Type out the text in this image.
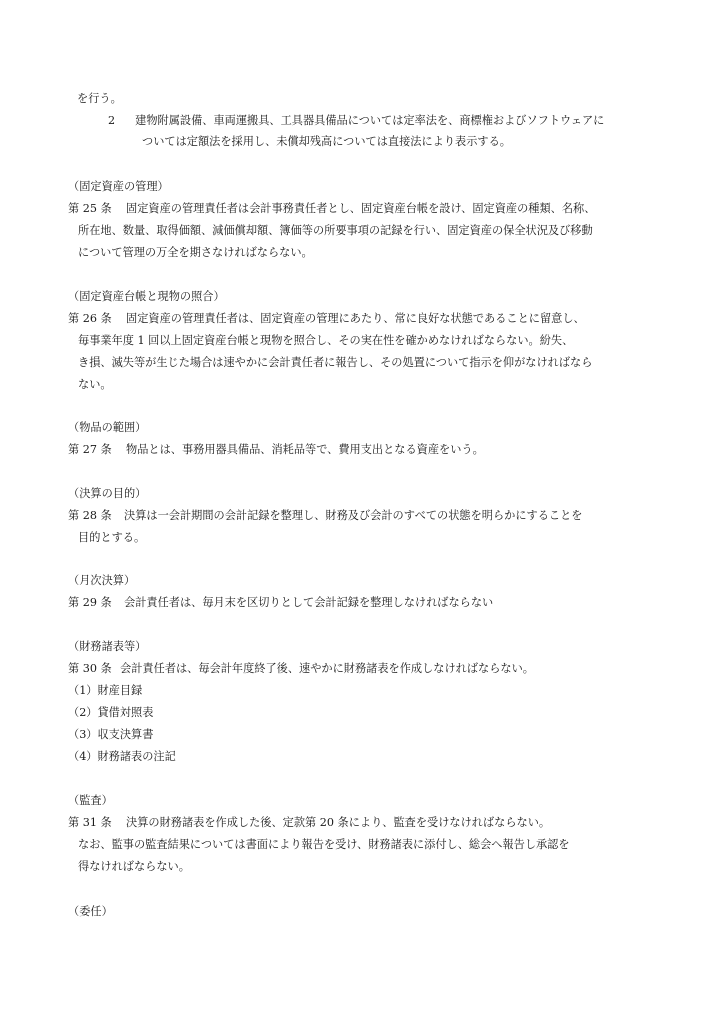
を行う。
2 建物附属設備、車両運搬具、工具器具備品については定率法を、商標権およびソフトウェアに
ついては定額法を採用し、未償却残高については直接法により表示する。
（固定資産の管理）
第 25 条 固定資産の管理責任者は会計事務責任者とし、固定資産台帳を設け、固定資産の種類、名称、
所在地、数量、取得価額、減価償却額、簿価等の所要事項の記録を行い、固定資産の保全状況及び移動
について管理の万全を期さなければならない。
（固定資産台帳と現物の照合）
第 26 条 固定資産の管理責任者は、固定資産の管理にあたり、常に良好な状態であることに留意し、
毎事業年度 1 回以上固定資産台帳と現物を照合し、その実在性を確かめなければならない。紛失、
き損、滅失等が生じた場合は速やかに会計責任者に報告し、その処置について指示を仰がなければなら
ない。
（物品の範囲）
第 27 条 物品とは、事務用器具備品、消耗品等で、費用支出となる資産をいう。
（決算の目的）
第 28 条 決算は一会計期間の会計記録を整理し、財務及び会計のすべての状態を明らかにすることを
目的とする。
（月次決算）
第 29 条 会計責任者は、毎月末を区切りとして会計記録を整理しなければならない
（財務諸表等）
第 30 条 会計責任者は、毎会計年度終了後、速やかに財務諸表を作成しなければならない。
（1）財産目録
（2）貸借対照表
（3）収支決算書
（4）財務諸表の注記
（監査）
第 31 条 決算の財務諸表を作成した後、定款第 20 条により、監査を受けなければならない。
なお、監事の監査結果については書面により報告を受け、財務諸表に添付し、総会へ報告し承認を
得なければならない。
（委任）
